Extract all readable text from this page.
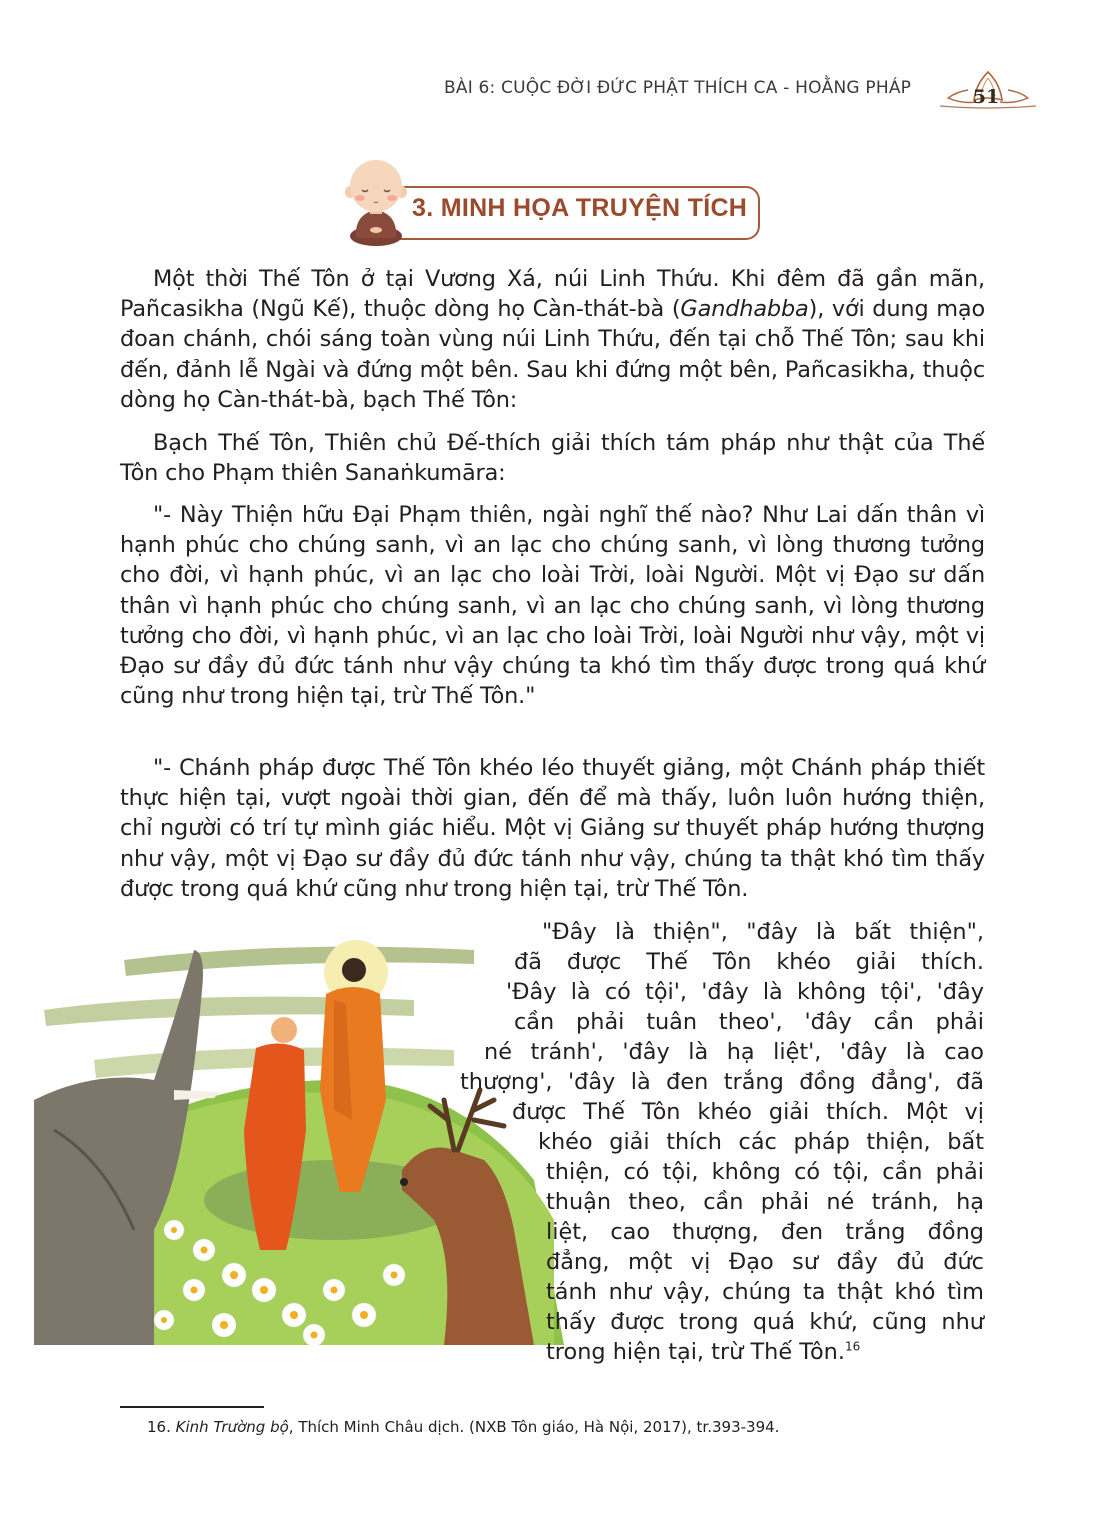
BÀI 6: CUỘC ĐỜI ĐỨC PHẬT THÍCH CA - HOẰNG PHÁP	51
3. MINH HỌA TRUYỆN TÍCH

Một thời Thế Tôn ở tại Vương Xá, núi Linh Thứu. Khi đêm đã gần mãn, Pañcasikha (Ngũ Kế), thuộc dòng họ Càn-thát-bà (Gandhabba), với dung mạo đoan chánh, chói sáng toàn vùng núi Linh Thứu, đến tại chỗ Thế Tôn; sau khi đến, đảnh lễ Ngài và đứng một bên. Sau khi đứng một bên, Pañcasikha, thuộc dòng họ Càn-thát-bà, bạch Thế Tôn:

Bạch Thế Tôn, Thiên chủ Đế-thích giải thích tám pháp như thật của Thế Tôn cho Phạm thiên Sanaṅkumāra:

"- Này Thiện hữu Đại Phạm thiên, ngài nghĩ thế nào? Như Lai dấn thân vì hạnh phúc cho chúng sanh, vì an lạc cho chúng sanh, vì lòng thương tưởng cho đời, vì hạnh phúc, vì an lạc cho loài Trời, loài Người. Một vị Đạo sư dấn thân vì hạnh phúc cho chúng sanh, vì an lạc cho chúng sanh, vì lòng thương tưởng cho đời, vì hạnh phúc, vì an lạc cho loài Trời, loài Người như vậy, một vị Đạo sư đầy đủ đức tánh như vậy chúng ta khó tìm thấy được trong quá khứ cũng như trong hiện tại, trừ Thế Tôn."

"- Chánh pháp được Thế Tôn khéo léo thuyết giảng, một Chánh pháp thiết thực hiện tại, vượt ngoài thời gian, đến để mà thấy, luôn luôn hướng thiện, chỉ người có trí tự mình giác hiểu. Một vị Giảng sư thuyết pháp hướng thượng như vậy, một vị Đạo sư đầy đủ đức tánh như vậy, chúng ta thật khó tìm thấy được trong quá khứ cũng như trong hiện tại, trừ Thế Tôn.

"Đây là thiện", "đây là bất thiện",
đã được Thế Tôn khéo giải thích.
'Đây là có tội', 'đây là không tội', 'đây
cần phải tuân theo', 'đây cần phải
né tránh', 'đây là hạ liệt', 'đây là cao
thượng', 'đây là đen trắng đồng đẳng', đã
được Thế Tôn khéo giải thích. Một vị
khéo giải thích các pháp thiện, bất
thiện, có tội, không có tội, cần phải
thuận theo, cần phải né tránh, hạ
liệt, cao thượng, đen trắng đồng
đẳng, một vị Đạo sư đầy đủ đức
tánh như vậy, chúng ta thật khó tìm
thấy được trong quá khứ, cũng như
trong hiện tại, trừ Thế Tôn.$^{16}$
16. Kinh Trường bộ, Thích Minh Châu dịch. (NXB Tôn giáo, Hà Nội, 2017), tr.393-394.
